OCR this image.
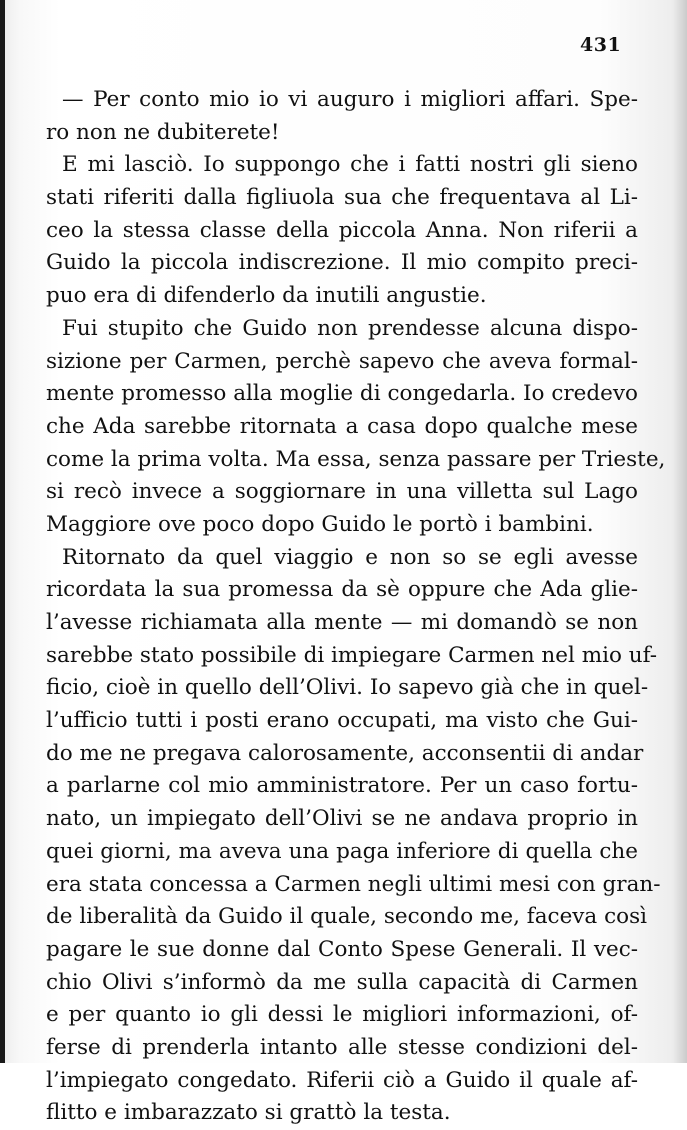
431
— Per conto mio io vi auguro i migliori affari. Spe-
ro non ne dubiterete!
E mi lasciò. Io suppongo che i fatti nostri gli sieno
stati riferiti dalla figliuola sua che frequentava al Li-
ceo la stessa classe della piccola Anna. Non riferii a
Guido la piccola indiscrezione. Il mio compito preci-
puo era di difenderlo da inutili angustie.
Fui stupito che Guido non prendesse alcuna dispo-
sizione per Carmen, perchè sapevo che aveva formal-
mente promesso alla moglie di congedarla. Io credevo
che Ada sarebbe ritornata a casa dopo qualche mese
come la prima volta. Ma essa, senza passare per Trieste,
si recò invece a soggiornare in una villetta sul Lago
Maggiore ove poco dopo Guido le portò i bambini.
Ritornato da quel viaggio e non so se egli avesse
ricordata la sua promessa da sè oppure che Ada glie-
l’avesse richiamata alla mente — mi domandò se non
sarebbe stato possibile di impiegare Carmen nel mio uf-
ficio, cioè in quello dell’Olivi. Io sapevo già che in quel-
l’ufficio tutti i posti erano occupati, ma visto che Gui-
do me ne pregava calorosamente, acconsentii di andar
a parlarne col mio amministratore. Per un caso fortu-
nato, un impiegato dell’Olivi se ne andava proprio in
quei giorni, ma aveva una paga inferiore di quella che
era stata concessa a Carmen negli ultimi mesi con gran-
de liberalità da Guido il quale, secondo me, faceva così
pagare le sue donne dal Conto Spese Generali. Il vec-
chio Olivi s’informò da me sulla capacità di Carmen
e per quanto io gli dessi le migliori informazioni, of-
ferse di prenderla intanto alle stesse condizioni del-
l’impiegato congedato. Riferii ciò a Guido il quale af-
flitto e imbarazzato si grattò la testa.
